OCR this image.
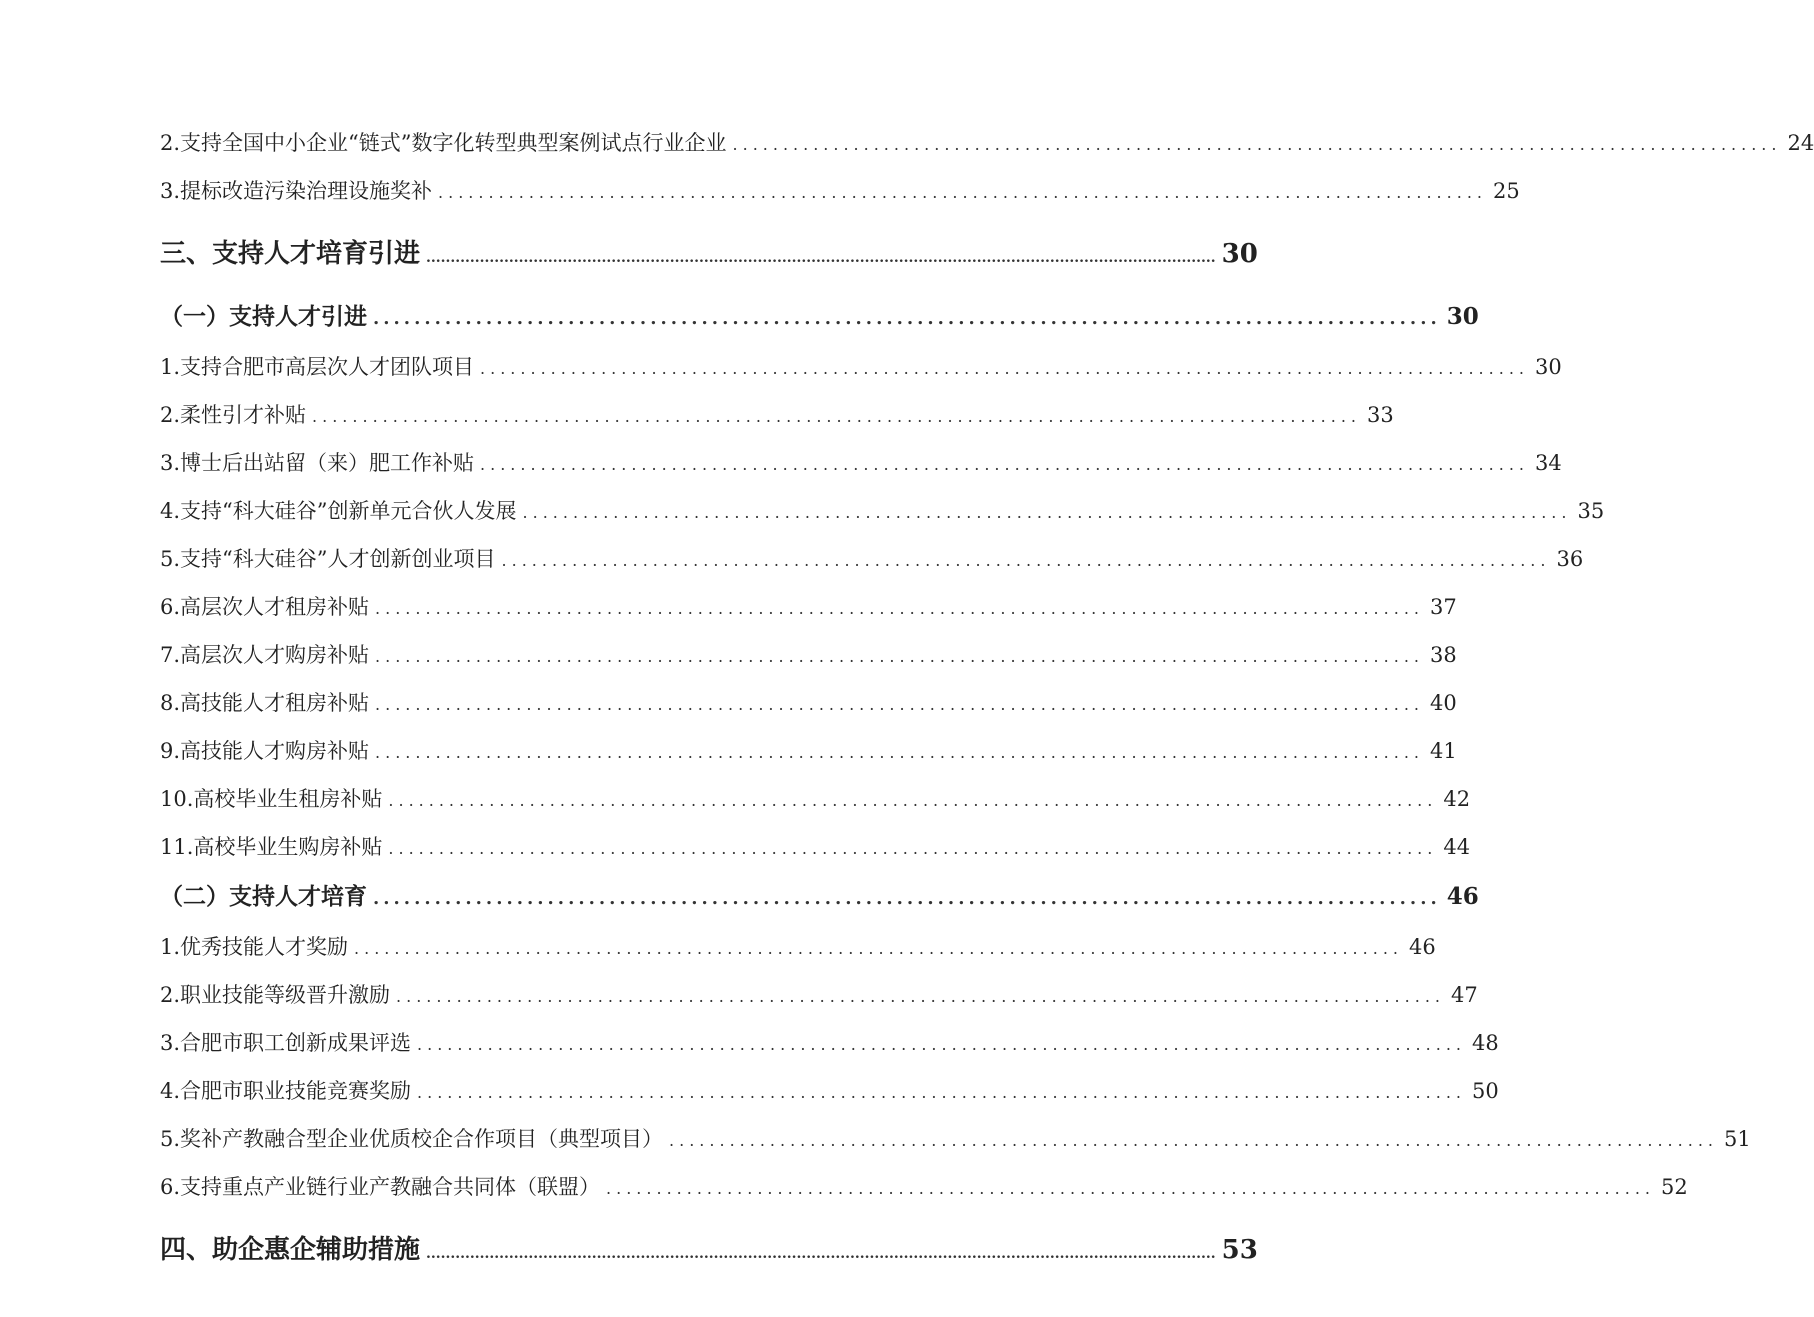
2.支持全国中小企业“链式”数字化转型典型案例试点行业企业 ........................................................................................................ 24
3.提标改造污染治理设施奖补 ........................................................................................................ 25
三、支持人才培育引进 .................................................................................................................................................................. 30
（一）支持人才引进 ........................................................................................................ 30
1.支持合肥市高层次人才团队项目 ........................................................................................................ 30
2.柔性引才补贴 ........................................................................................................ 33
3.博士后出站留（来）肥工作补贴 ........................................................................................................ 34
4.支持“科大硅谷”创新单元合伙人发展 ........................................................................................................ 35
5.支持“科大硅谷”人才创新创业项目 ........................................................................................................ 36
6.高层次人才租房补贴 ........................................................................................................ 37
7.高层次人才购房补贴 ........................................................................................................ 38
8.高技能人才租房补贴 ........................................................................................................ 40
9.高技能人才购房补贴 ........................................................................................................ 41
10.高校毕业生租房补贴 ........................................................................................................ 42
11.高校毕业生购房补贴 ........................................................................................................ 44
（二）支持人才培育 ........................................................................................................ 46
1.优秀技能人才奖励 ........................................................................................................ 46
2.职业技能等级晋升激励 ........................................................................................................ 47
3.合肥市职工创新成果评选 ........................................................................................................ 48
4.合肥市职业技能竞赛奖励 ........................................................................................................ 50
5.奖补产教融合型企业优质校企合作项目（典型项目） ........................................................................................................ 51
6.支持重点产业链行业产教融合共同体（联盟） ........................................................................................................ 52
四、助企惠企辅助措施 .................................................................................................................................................................. 53
